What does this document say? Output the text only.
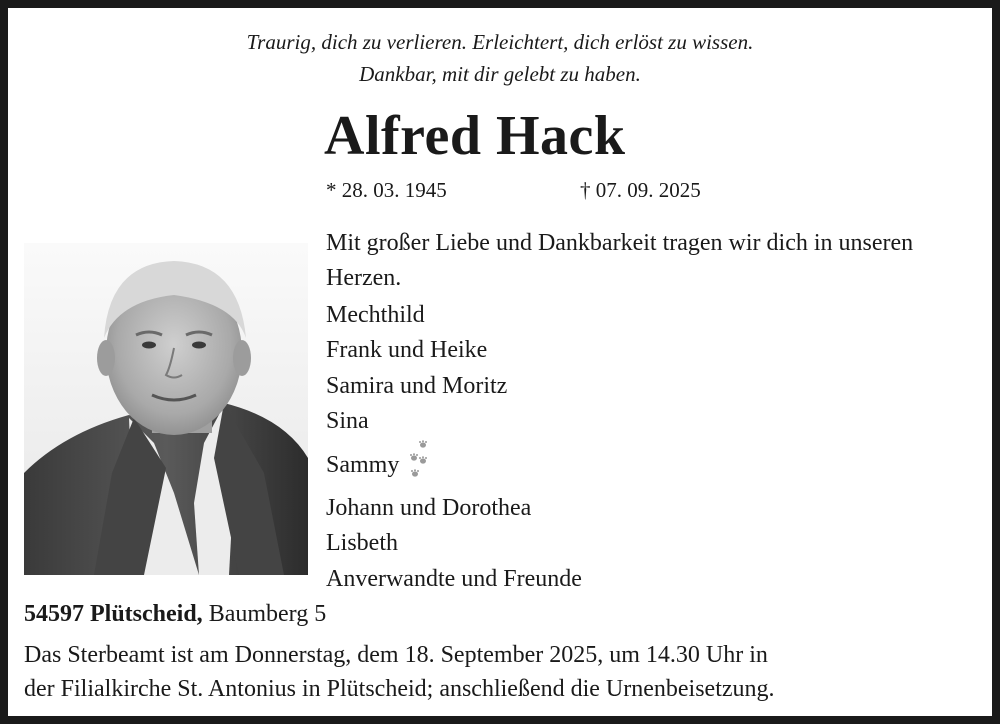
Traurig, dich zu verlieren. Erleichtert, dich erlöst zu wissen.
Dankbar, mit dir gelebt zu haben.
Alfred Hack
* 28. 03. 1945	† 07. 09. 2025
Mit großer Liebe und Dankbarkeit tragen wir dich in unseren Herzen.
Mechthild
Frank und Heike
Samira und Moritz
Sina
Sammy
Johann und Dorothea
Lisbeth
Anverwandte und Freunde
54597 Plütscheid, Baumberg 5
Das Sterbeamt ist am Donnerstag, dem 18. September 2025, um 14.30 Uhr in
der Filialkirche St. Antonius in Plütscheid; anschließend die Urnenbeisetzung.
